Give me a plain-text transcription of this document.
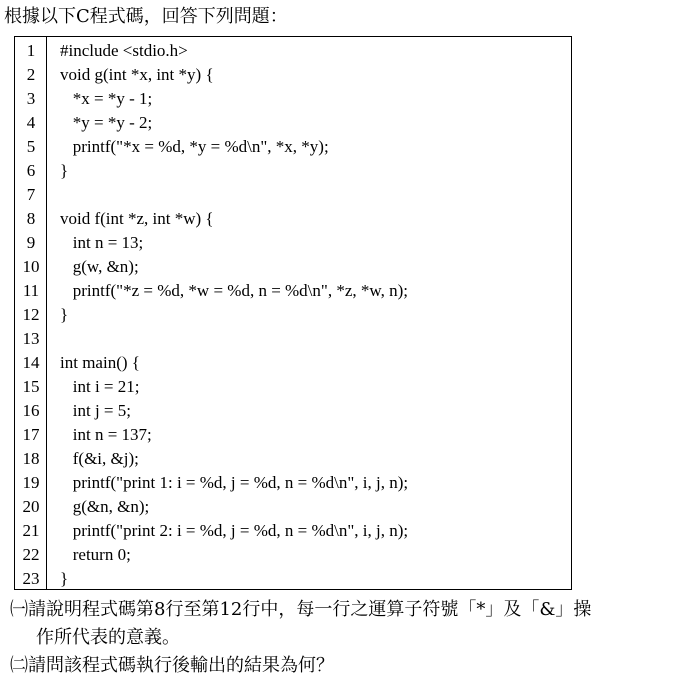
根據以下C程式碼，回答下列問題：
1	#include <stdio.h>
2	void g(int *x, int *y) {
3	*x = *y - 1;
4	*y = *y - 2;
5	printf("*x = %d, *y = %d\n", *x, *y);
6	}
7
8	void f(int *z, int *w) {
9	int n = 13;
10	g(w, &n);
11	printf("*z = %d, *w = %d, n = %d\n", *z, *w, n);
12	}
13
14	int main() {
15	int i = 21;
16	int j = 5;
17	int n = 137;
18	f(&i, &j);
19	printf("print 1: i = %d, j = %d, n = %d\n", i, j, n);
20	g(&n, &n);
21	printf("print 2: i = %d, j = %d, n = %d\n", i, j, n);
22	return 0;
23	}
㈠請說明程式碼第8行至第12行中，每一行之運算子符號「*」及「&」操
作所代表的意義。
㈡請問該程式碼執行後輸出的結果為何？
